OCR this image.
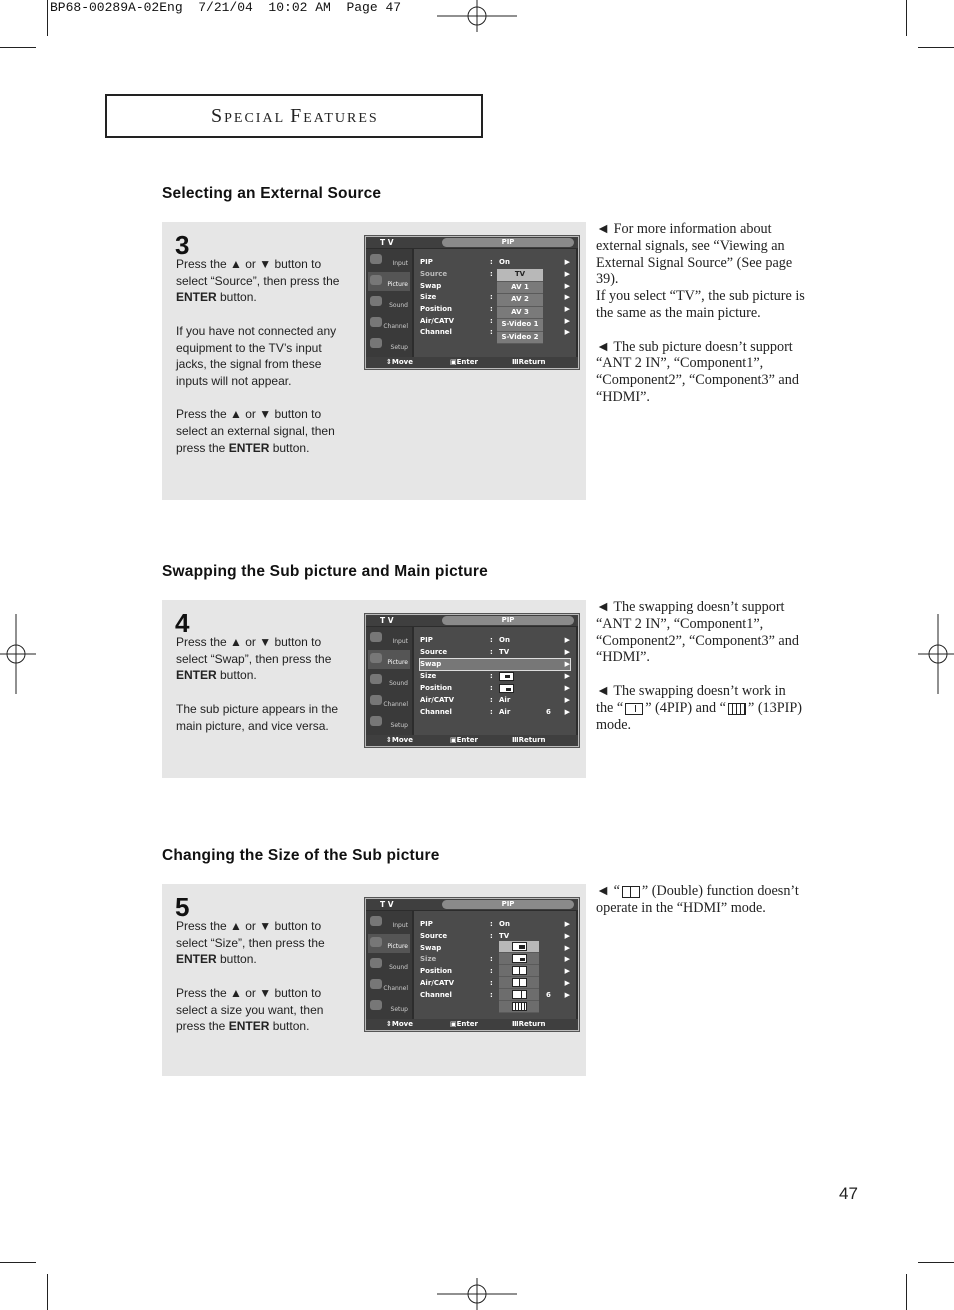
BP68-00289A-02Eng  7/21/04  10:02 AM  Page 47
SPECIAL FEATURES
Selecting an External Source
3

Press the ▲ or ▼ button to select “Source”, then press the ENTER button.

If you have not connected any equipment to the TV’s input jacks, the signal from these inputs will not appear.

Press the ▲ or ▼ button to select an external signal, then press the ENTER button.

T V	PIP
Input
Picture
Sound
Channel
Setup
PIP	: On	▶
Source	:	▶
Swap	▶
Size	:	▶
Position	:	▶
Air/CATV	:	▶
Channel	:	▶
TV
AV 1
AV 2
AV 3
S-Video 1
S-Video 2
⇕ Move	▣ Enter	Ⅲ Return

◄ For more information about external signals, see “Viewing an External Signal Source” (See page 39).
If you select “TV”, the sub picture is the same as the main picture.

◄ The sub picture doesn’t support “ANT 2 IN”, “Component1”, “Component2”, “Component3” and “HDMI”.

Swapping the Sub picture and Main picture
4

Press the ▲ or ▼ button to select “Swap”, then press the ENTER button.

The sub picture appears in the main picture, and vice versa.

T V	PIP
Input
Picture
Sound
Channel
Setup
PIP	: On	▶
Source	: TV	▶
Swap	▶
Size	:	▶
Position	:	▶
Air/CATV	: Air	▶
Channel	: Air	6 ▶
⇕ Move	▣ Enter	Ⅲ Return

◄ The swapping doesn’t support “ANT 2 IN”, “Component1”, “Component2”, “Component3” and “HDMI”.

◄ The swapping doesn’t work in the “ ” (4PIP) and “ ” (13PIP) mode.

Changing the Size of the Sub picture
5

Press the ▲ or ▼ button to select “Size”, then press the ENTER button.

Press the ▲ or ▼ button to select a size you want, then press the ENTER button.

T V	PIP
Input
Picture
Sound
Channel
Setup
PIP	: On	▶
Source	: TV	▶
Swap	▶
Size	:	▶
Position	:	▶
Air/CATV	:	▶
Channel	:	6 ▶
⇕ Move	▣ Enter	Ⅲ Return

◄ “ ” (Double) function doesn’t operate in the “HDMI” mode.

47
